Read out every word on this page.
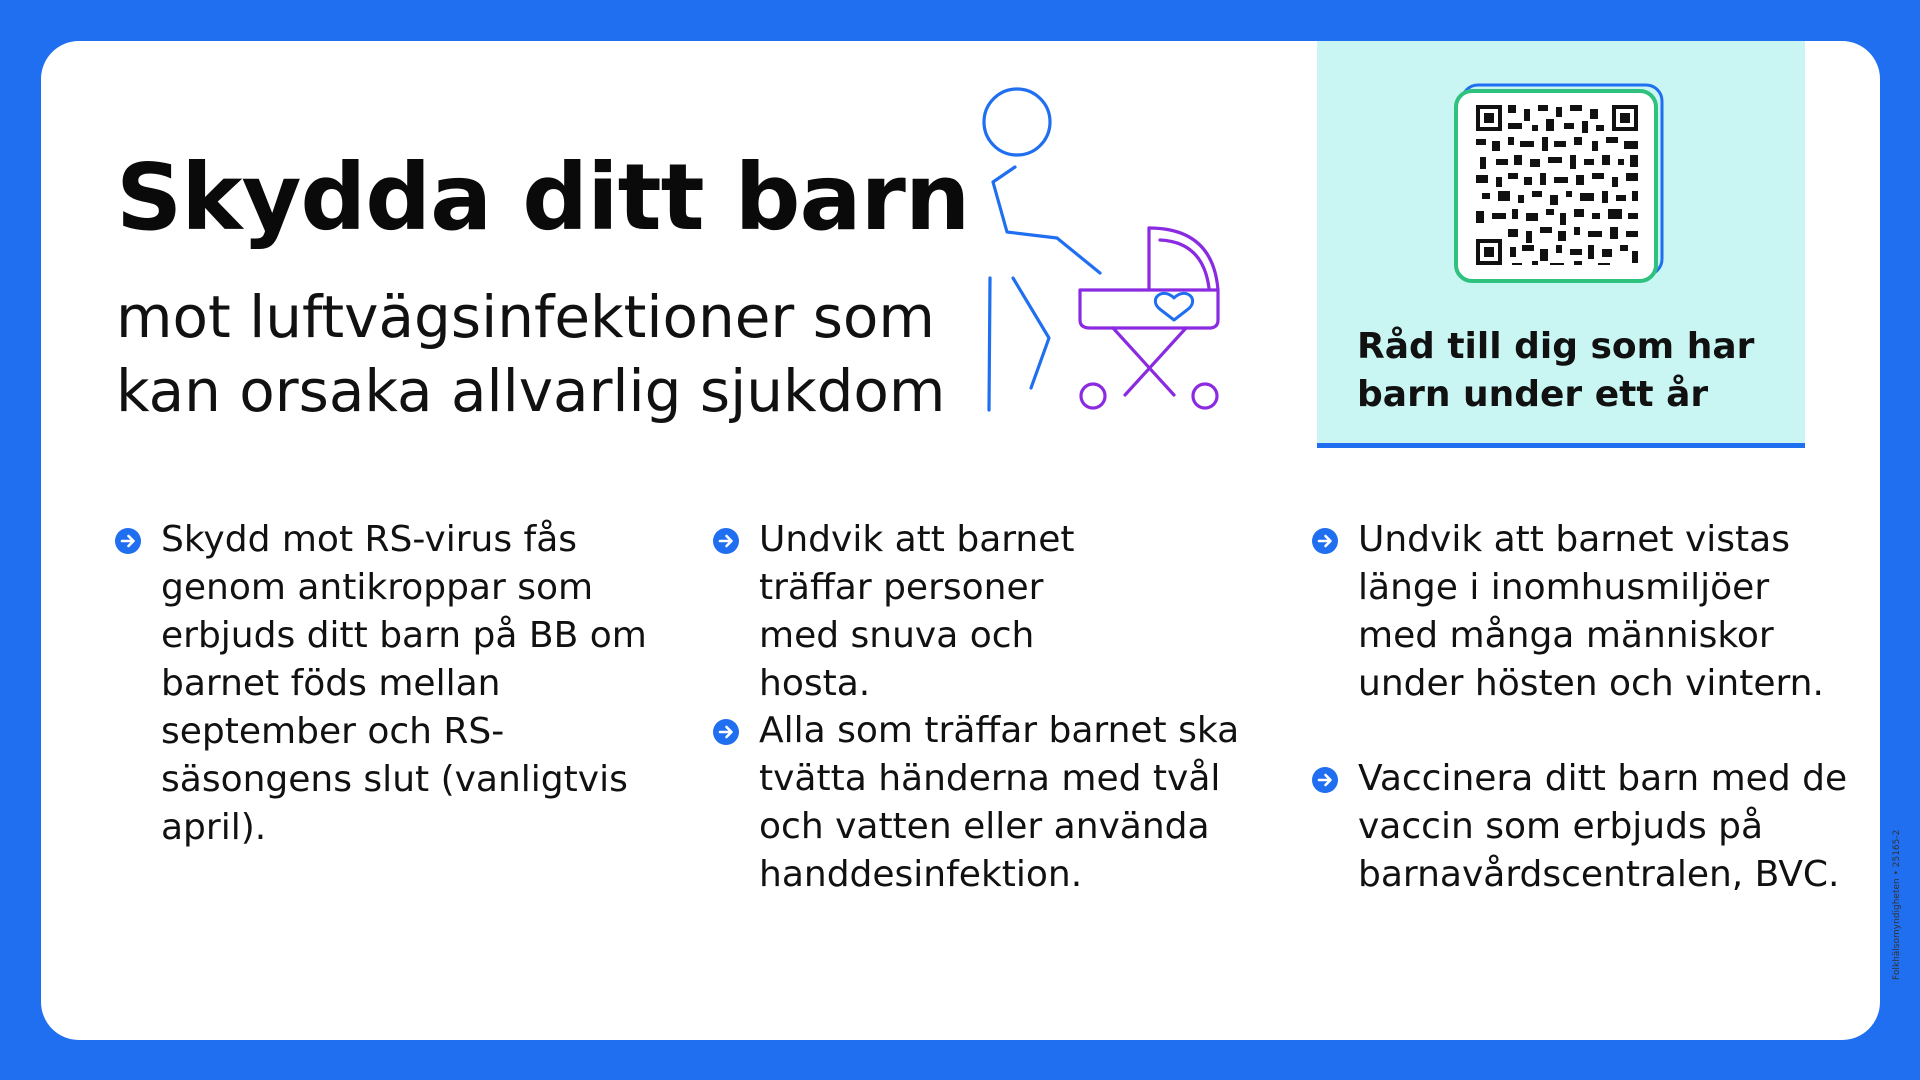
Skydda ditt barn
mot luftvägsinfektioner som
kan orsaka allvarlig sjukdom

Råd till dig som har barn under ett år

Skydd mot RS-virus fås genom antikroppar som erbjuds ditt barn på BB om barnet föds mellan september och RS-säsongens slut (vanligtvis april).
Undvik att barnet träffar personer med snuva och hosta.
Alla som träffar barnet ska tvätta händerna med tvål och vatten eller använda handdesinfektion.
Undvik att barnet vistas länge i inomhusmiljöer med många människor under hösten och vintern.
Vaccinera ditt barn med de vaccin som erbjuds på barnavårdscentralen, BVC.	Folkhälsomyndigheten • 25165-2
